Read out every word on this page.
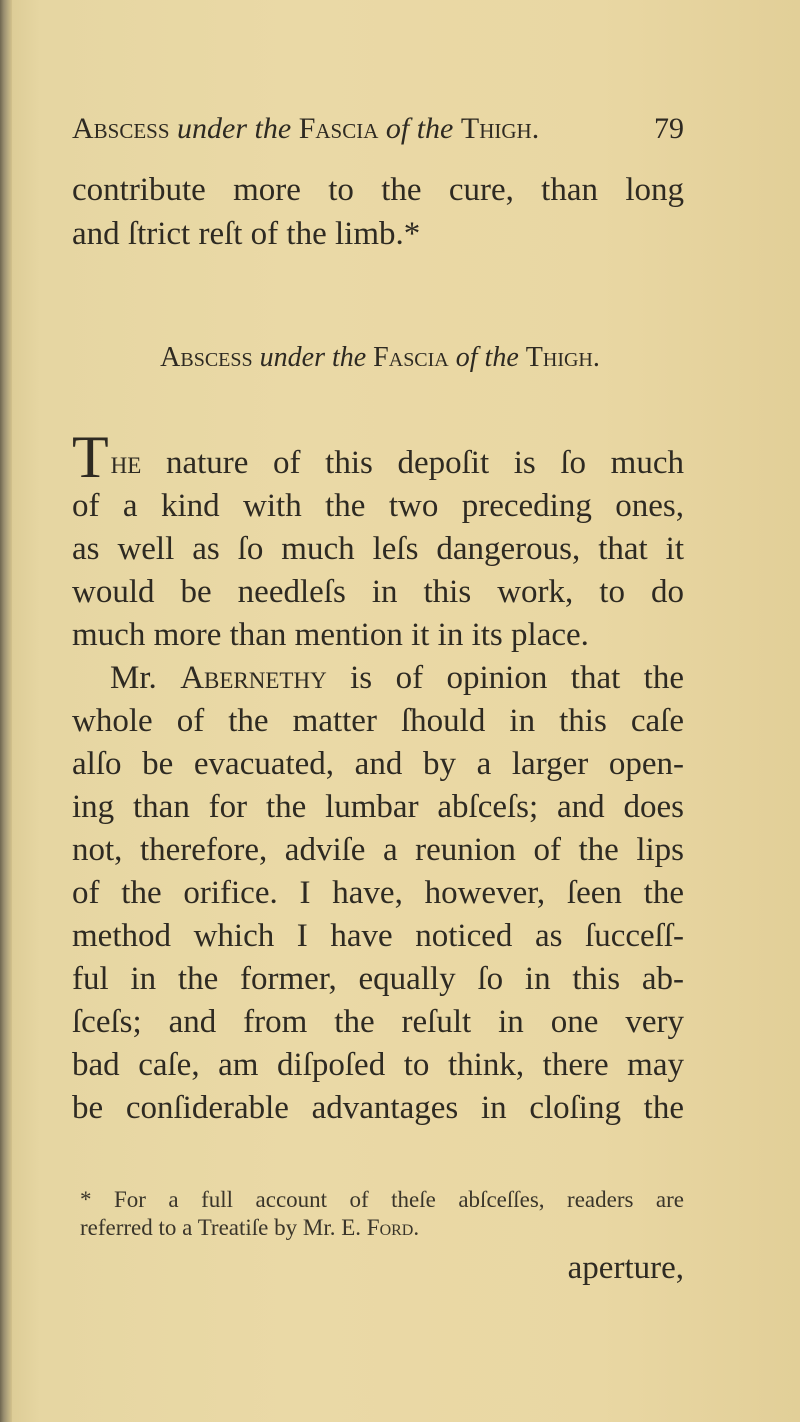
Abscess under the Fascia of the Thigh.	79
contribute more to the cure, than long
and ſtrict reſt of the limb.*
Abscess under the Fascia of the Thigh.
The nature of this depoſit is ſo much
of a kind with the two preceding ones,
as well as ſo much leſs dangerous, that it
would be needleſs in this work, to do
much more than mention it in its place.
Mr. Abernethy is of opinion that the
whole of the matter ſhould in this caſe
alſo be evacuated, and by a larger open-
ing than for the lumbar abſceſs; and does
not, therefore, adviſe a reunion of the lips
of the orifice. I have, however, ſeen the
method which I have noticed as ſucceſſ-
ful in the former, equally ſo in this ab-
ſceſs; and from the reſult in one very
bad caſe, am diſpoſed to think, there may
be conſiderable advantages in cloſing the
* For a full account of theſe abſceſſes, readers are
referred to a Treatiſe by Mr. E. Ford.
aperture,
